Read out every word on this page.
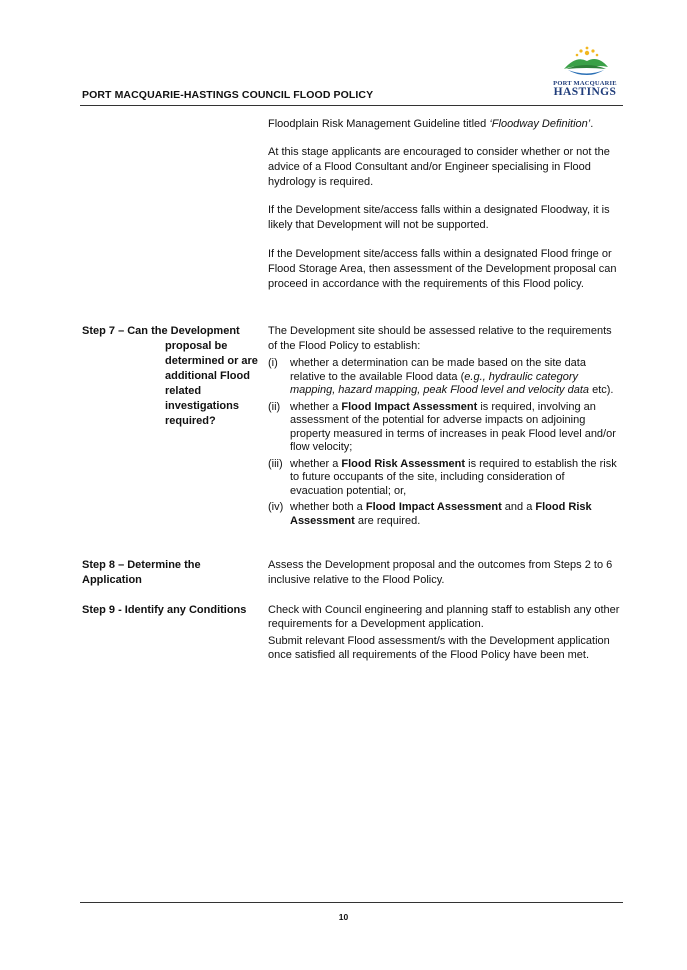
PORT MACQUARIE-HASTINGS COUNCIL FLOOD POLICY
PORT MACQUARIE
HASTINGS

Floodplain Risk Management Guideline titled ‘Floodway Definition’.

At this stage applicants are encouraged to consider whether or not the advice of a Flood Consultant and/or Engineer specialising in Flood hydrology is required.

If the Development site/access falls within a designated Floodway, it is likely that Development will not be supported.

If the Development site/access falls within a designated Flood fringe or Flood Storage Area, then assessment of the Development proposal can proceed in accordance with the requirements of this Flood policy.

Step 7 – Can the Development
proposal be determined or are additional Flood related investigations required?

The Development site should be assessed relative to the requirements of the Flood Policy to establish:

(i) whether a determination can be made based on the site data relative to the available Flood data (e.g., hydraulic category mapping, hazard mapping, peak Flood level and velocity data etc).
(ii) whether a Flood Impact Assessment is required, involving an assessment of the potential for adverse impacts on adjoining property measured in terms of increases in peak Flood level and/or flow velocity;
(iii) whether a Flood Risk Assessment is required to establish the risk to future occupants of the site, including consideration of evacuation potential; or,
(iv) whether both a Flood Impact Assessment and a Flood Risk Assessment are required.
Step 8 – Determine the Application

Assess the Development proposal and the outcomes from Steps 2 to 6 inclusive relative to the Flood Policy.

Step 9 - Identify any Conditions	Check with Council engineering and planning staff to establish any other requirements for a Development application.

Submit relevant Flood assessment/s with the Development application once satisfied all requirements of the Flood Policy have been met.

10
